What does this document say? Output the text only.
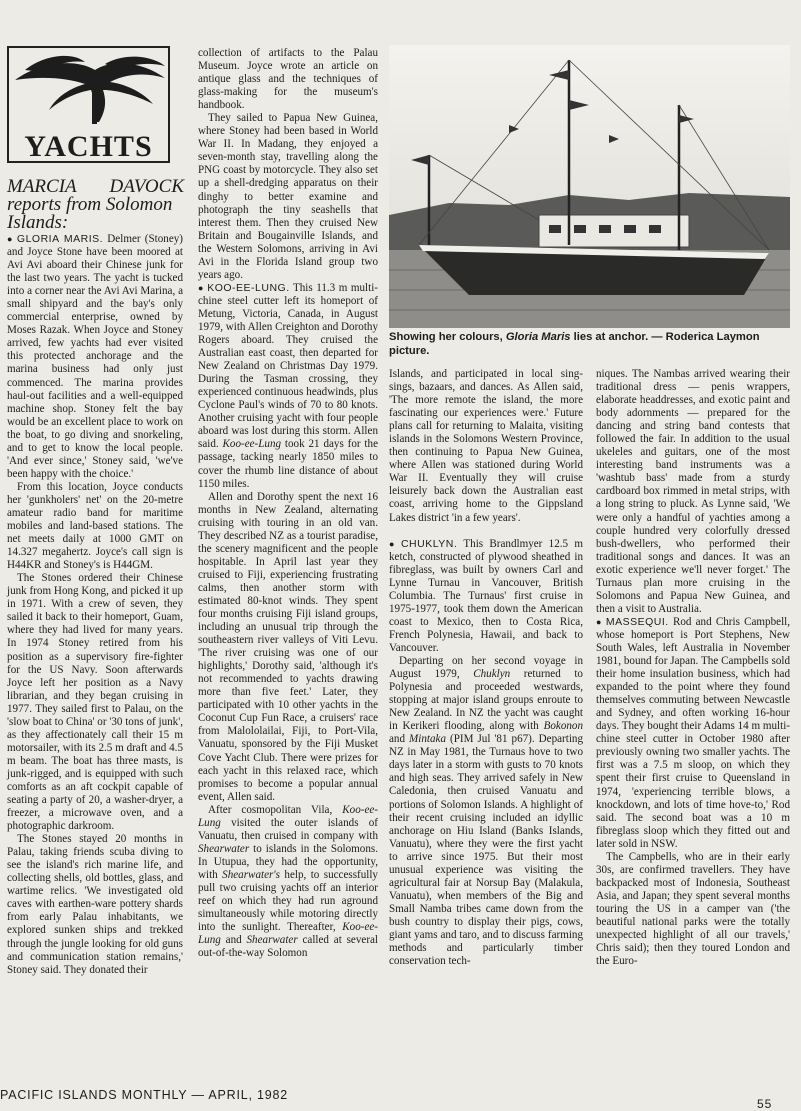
YACHTS
MARCIA DAVOCK
reports from Solomon Islands:

● GLORIA MARIS. Delmer (Stoney) and Joyce Stone have been moored at Avi Avi aboard their Chinese junk for the last two years. The yacht is tucked into a corner near the Avi Avi Marina, a small shipyard and the bay's only commercial enterprise, owned by Moses Razak. When Joyce and Stoney arrived, few yachts had ever visited this protected anchorage and the marina business had only just commenced. The marina provides haul-out facilities and a well-equipped machine shop. Stoney felt the bay would be an excellent place to work on the boat, to go diving and snorkeling, and to get to know the local people. 'And ever since,' Stoney said, 'we've been happy with the choice.'

From this location, Joyce conducts her 'gunkholers' net' on the 20-metre amateur radio band for maritime mobiles and land-based stations. The net meets daily at 1000 GMT on 14.327 megahertz. Joyce's call sign is H44KR and Stoney's is H44GM.

The Stones ordered their Chinese junk from Hong Kong, and picked it up in 1971. With a crew of seven, they sailed it back to their homeport, Guam, where they had lived for many years. In 1974 Stoney retired from his position as a supervisory fire-fighter for the US Navy. Soon afterwards Joyce left her position as a Navy librarian, and they began cruising in 1977. They sailed first to Palau, on the 'slow boat to China' or '30 tons of junk', as they affectionately call their 15 m motorsailer, with its 2.5 m draft and 4.5 m beam. The boat has three masts, is junk-rigged, and is equipped with such comforts as an aft cockpit capable of seating a party of 20, a washer-dryer, a freezer, a microwave oven, and a photographic darkroom.

The Stones stayed 20 months in Palau, taking friends scuba diving to see the island's rich marine life, and collecting shells, old bottles, glass, and wartime relics. 'We investigated old caves with earthen-ware pottery shards from early Palau inhabitants, we explored sunken ships and trekked through the jungle looking for old guns and communication station remains,' Stoney said. They donated their

collection of artifacts to the Palau Museum. Joyce wrote an article on antique glass and the techniques of glass-making for the museum's handbook.

They sailed to Papua New Guinea, where Stoney had been based in World War II. In Madang, they enjoyed a seven-month stay, travelling along the PNG coast by motorcycle. They also set up a shell-dredging apparatus on their dinghy to better examine and photograph the tiny seashells that interest them. Then they cruised New Britain and Bougainville Islands, and the Western Solomons, arriving in Avi Avi in the Florida Island group two years ago.

● KOO-EE-LUNG. This 11.3 m multi-chine steel cutter left its homeport of Metung, Victoria, Canada, in August 1979, with Allen Creighton and Dorothy Rogers aboard. They cruised the Australian east coast, then departed for New Zealand on Christmas Day 1979. During the Tasman crossing, they experienced continuous headwinds, plus Cyclone Paul's winds of 70 to 80 knots. Another cruising yacht with four people aboard was lost during this storm. Allen said. Koo-ee-Lung took 21 days for the passage, tacking nearly 1850 miles to cover the rhumb line distance of about 1150 miles.

Allen and Dorothy spent the next 16 months in New Zealand, alternating cruising with touring in an old van. They described NZ as a tourist paradise, the scenery magnificent and the people hospitable. In April last year they cruised to Fiji, experiencing frustrating calms, then another storm with estimated 80-knot winds. They spent four months cruising Fiji island groups, including an unusual trip through the southeastern river valleys of Viti Levu. 'The river cruising was one of our highlights,' Dorothy said, 'although it's not recommended to yachts drawing more than five feet.' Later, they participated with 10 other yachts in the Coconut Cup Fun Race, a cruisers' race from Malololailai, Fiji, to Port-Vila, Vanuatu, sponsored by the Fiji Musket Cove Yacht Club. There were prizes for each yacht in this relaxed race, which promises to become a popular annual event, Allen said.

After cosmopolitan Vila, Koo-ee-Lung visited the outer islands of Vanuatu, then cruised in company with Shearwater to islands in the Solomons. In Utupua, they had the opportunity, with Shearwater's help, to successfully pull two cruising yachts off an interior reef on which they had run aground simultaneously while motoring directly into the sunlight. Thereafter, Koo-ee-Lung and Shearwater called at several out-of-the-way Solomon

Showing her colours, Gloria Maris lies at anchor. — Roderica Laymon picture.

Islands, and participated in local sing-sings, bazaars, and dances. As Allen said, 'The more remote the island, the more fascinating our experiences were.' Future plans call for returning to Malaita, visiting islands in the Solomons Western Province, then continuing to Papua New Guinea, where Allen was stationed during World War II. Eventually they will cruise leisurely back down the Australian east coast, arriving home to the Gippsland Lakes district 'in a few years'.

● CHUKLYN. This Brandlmyer 12.5 m ketch, constructed of plywood sheathed in fibreglass, was built by owners Carl and Lynne Turnau in Vancouver, British Columbia. The Turnaus' first cruise in 1975-1977, took them down the American coast to Mexico, then to Costa Rica, French Polynesia, Hawaii, and back to Vancouver.

Departing on her second voyage in August 1979, Chuklyn returned to Polynesia and proceeded westwards, stopping at major island groups enroute to New Zealand. In NZ the yacht was caught in Kerikeri flooding, along with Bokonon and Mintaka (PIM Jul '81 p67). Departing NZ in May 1981, the Turnaus hove to two days later in a storm with gusts to 70 knots and high seas. They arrived safely in New Caledonia, then cruised Vanuatu and portions of Solomon Islands. A highlight of their recent cruising included an idyllic anchorage on Hiu Island (Banks Islands, Vanuatu), where they were the first yacht to arrive since 1975. But their most unusual experience was visiting the agricultural fair at Norsup Bay (Malakula, Vanuatu), when members of the Big and Small Namba tribes came down from the bush country to display their pigs, cows, giant yams and taro, and to discuss farming methods and particularly timber conservation tech-

niques. The Nambas arrived wearing their traditional dress — penis wrappers, elaborate headdresses, and exotic paint and body adornments — prepared for the dancing and string band contests that followed the fair. In addition to the usual ukeleles and guitars, one of the most interesting band instruments was a 'washtub bass' made from a sturdy cardboard box rimmed in metal strips, with a long string to pluck. As Lynne said, 'We were only a handful of yachties among a couple hundred very colorfully dressed bush-dwellers, who performed their traditional songs and dances. It was an exotic experience we'll never forget.' The Turnaus plan more cruising in the Solomons and Papua New Guinea, and then a visit to Australia.

● MASSEQUI. Rod and Chris Campbell, whose homeport is Port Stephens, New South Wales, left Australia in November 1981, bound for Japan. The Campbells sold their home insulation business, which had expanded to the point where they found themselves commuting between Newcastle and Sydney, and often working 16-hour days. They bought their Adams 14 m multi-chine steel cutter in October 1980 after previously owning two smaller yachts. The first was a 7.5 m sloop, on which they spent their first cruise to Queensland in 1974, 'experiencing terrible blows, a knockdown, and lots of time hove-to,' Rod said. The second boat was a 10 m fibreglass sloop which they fitted out and later sold in NSW.

The Campbells, who are in their early 30s, are confirmed travellers. They have backpacked most of Indonesia, Southeast Asia, and Japan; they spent several months touring the US in a camper van ('the beautiful national parks were the totally unexpected highlight of all our travels,' Chris said); then they toured London and the Euro-

PACIFIC ISLANDS MONTHLY — APRIL, 1982
55
